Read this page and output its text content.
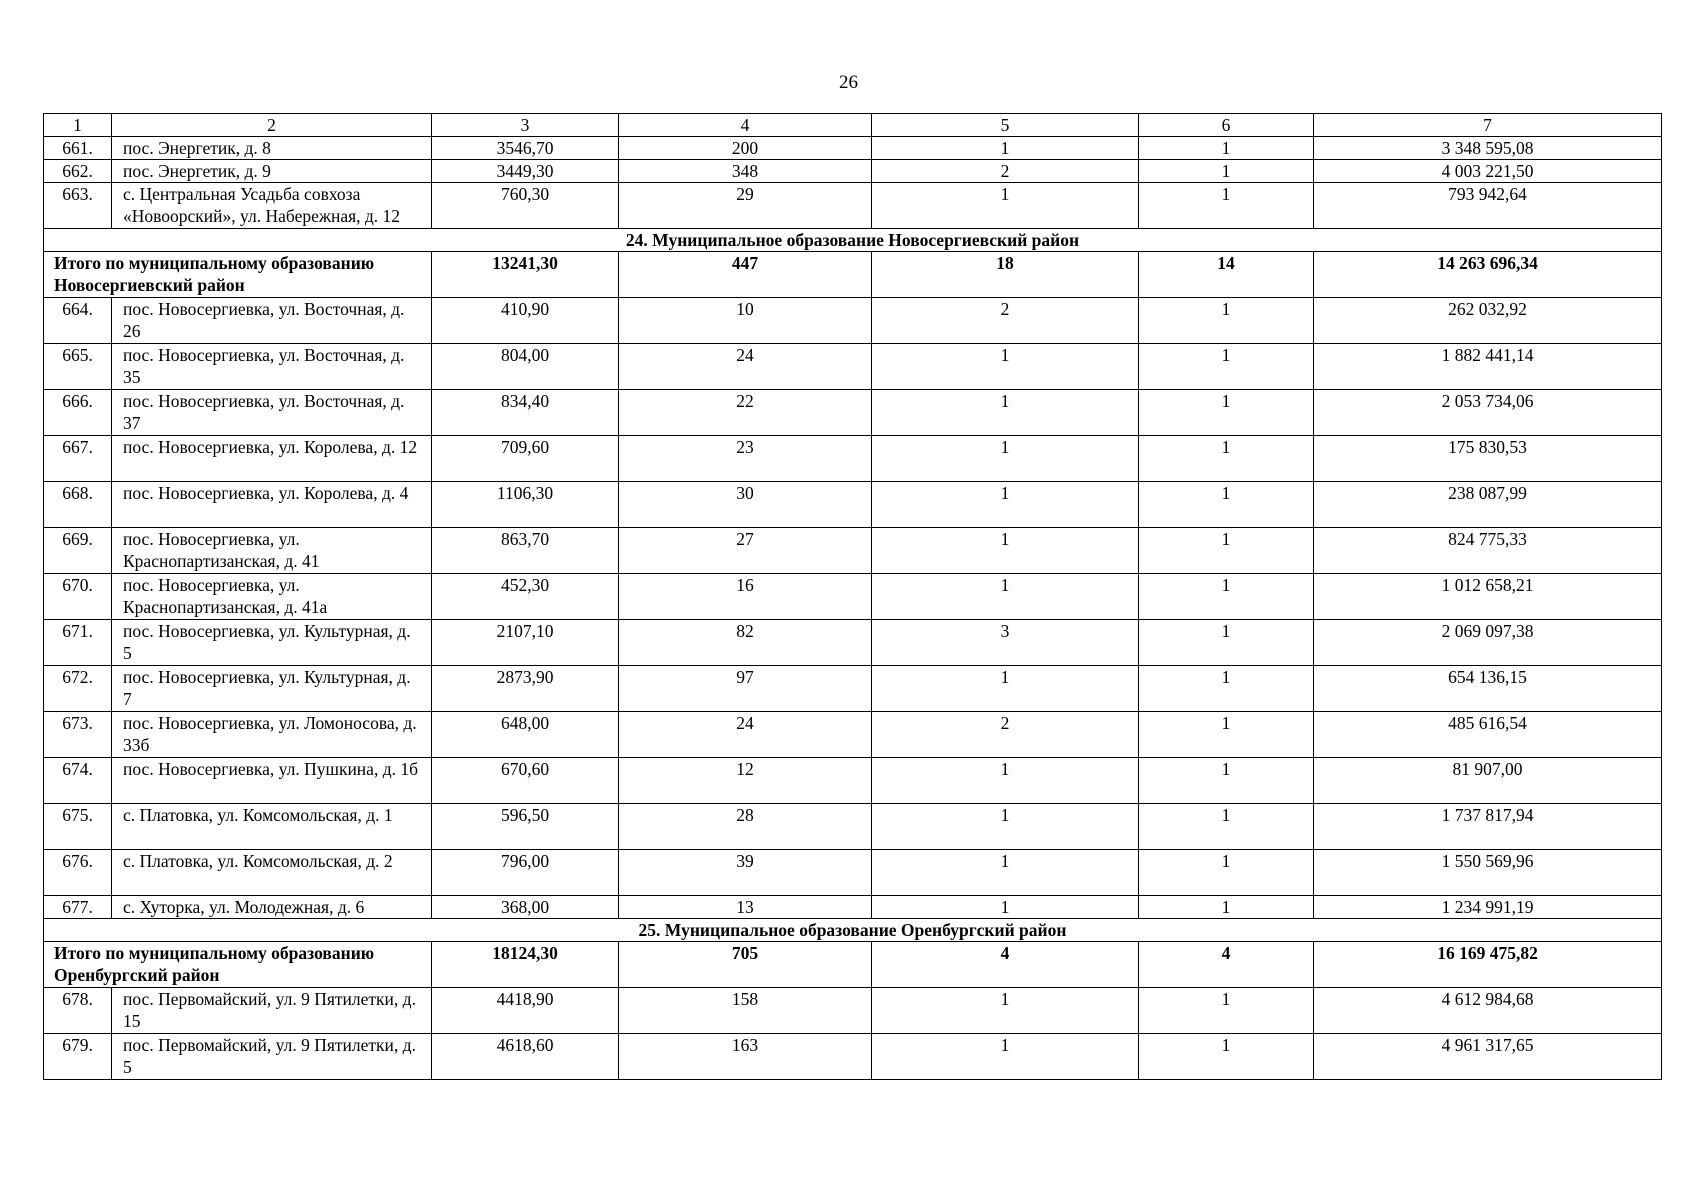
26
1	2	3	4	5	6	7
661.	пос. Энергетик, д. 8	3546,70	200	1	1	3 348 595,08
662.	пос. Энергетик, д. 9	3449,30	348	2	1	4 003 221,50
663.	с. Центральная Усадьба совхоза «Новоорский», ул. Набережная, д. 12	760,30	29	1	1	793 942,64
24. Муниципальное образование Новосергиевский район						
Итого по муниципальному образованию Новосергиевский район		13241,30	447	18	14	14 263 696,34
664.	пос. Новосергиевка, ул. Восточная, д. 26	410,90	10	2	1	262 032,92
665.	пос. Новосергиевка, ул. Восточная, д. 35	804,00	24	1	1	1 882 441,14
666.	пос. Новосергиевка, ул. Восточная, д. 37	834,40	22	1	1	2 053 734,06
667.	пос. Новосергиевка, ул. Королева, д. 12	709,60	23	1	1	175 830,53
668.	пос. Новосергиевка, ул. Королева, д. 4	1106,30	30	1	1	238 087,99
669.	пос. Новосергиевка, ул. Краснопартизанская, д. 41	863,70	27	1	1	824 775,33
670.	пос. Новосергиевка, ул. Краснопартизанская, д. 41а	452,30	16	1	1	1 012 658,21
671.	пос. Новосергиевка, ул. Культурная, д. 5	2107,10	82	3	1	2 069 097,38
672.	пос. Новосергиевка, ул. Культурная, д. 7	2873,90	97	1	1	654 136,15
673.	пос. Новосергиевка, ул. Ломоносова, д. 33б	648,00	24	2	1	485 616,54
674.	пос. Новосергиевка, ул. Пушкина, д. 1б	670,60	12	1	1	81 907,00
675.	с. Платовка, ул. Комсомольская, д. 1	596,50	28	1	1	1 737 817,94
676.	с. Платовка, ул. Комсомольская, д. 2	796,00	39	1	1	1 550 569,96
677.	с. Хуторка, ул. Молодежная, д. 6	368,00	13	1	1	1 234 991,19
25. Муниципальное образование Оренбургский район						
Итого по муниципальному образованию Оренбургский район		18124,30	705	4	4	16 169 475,82
678.	пос. Первомайский, ул. 9 Пятилетки, д. 15	4418,90	158	1	1	4 612 984,68
679.	пос. Первомайский, ул. 9 Пятилетки, д. 5	4618,60	163	1	1	4 961 317,65
